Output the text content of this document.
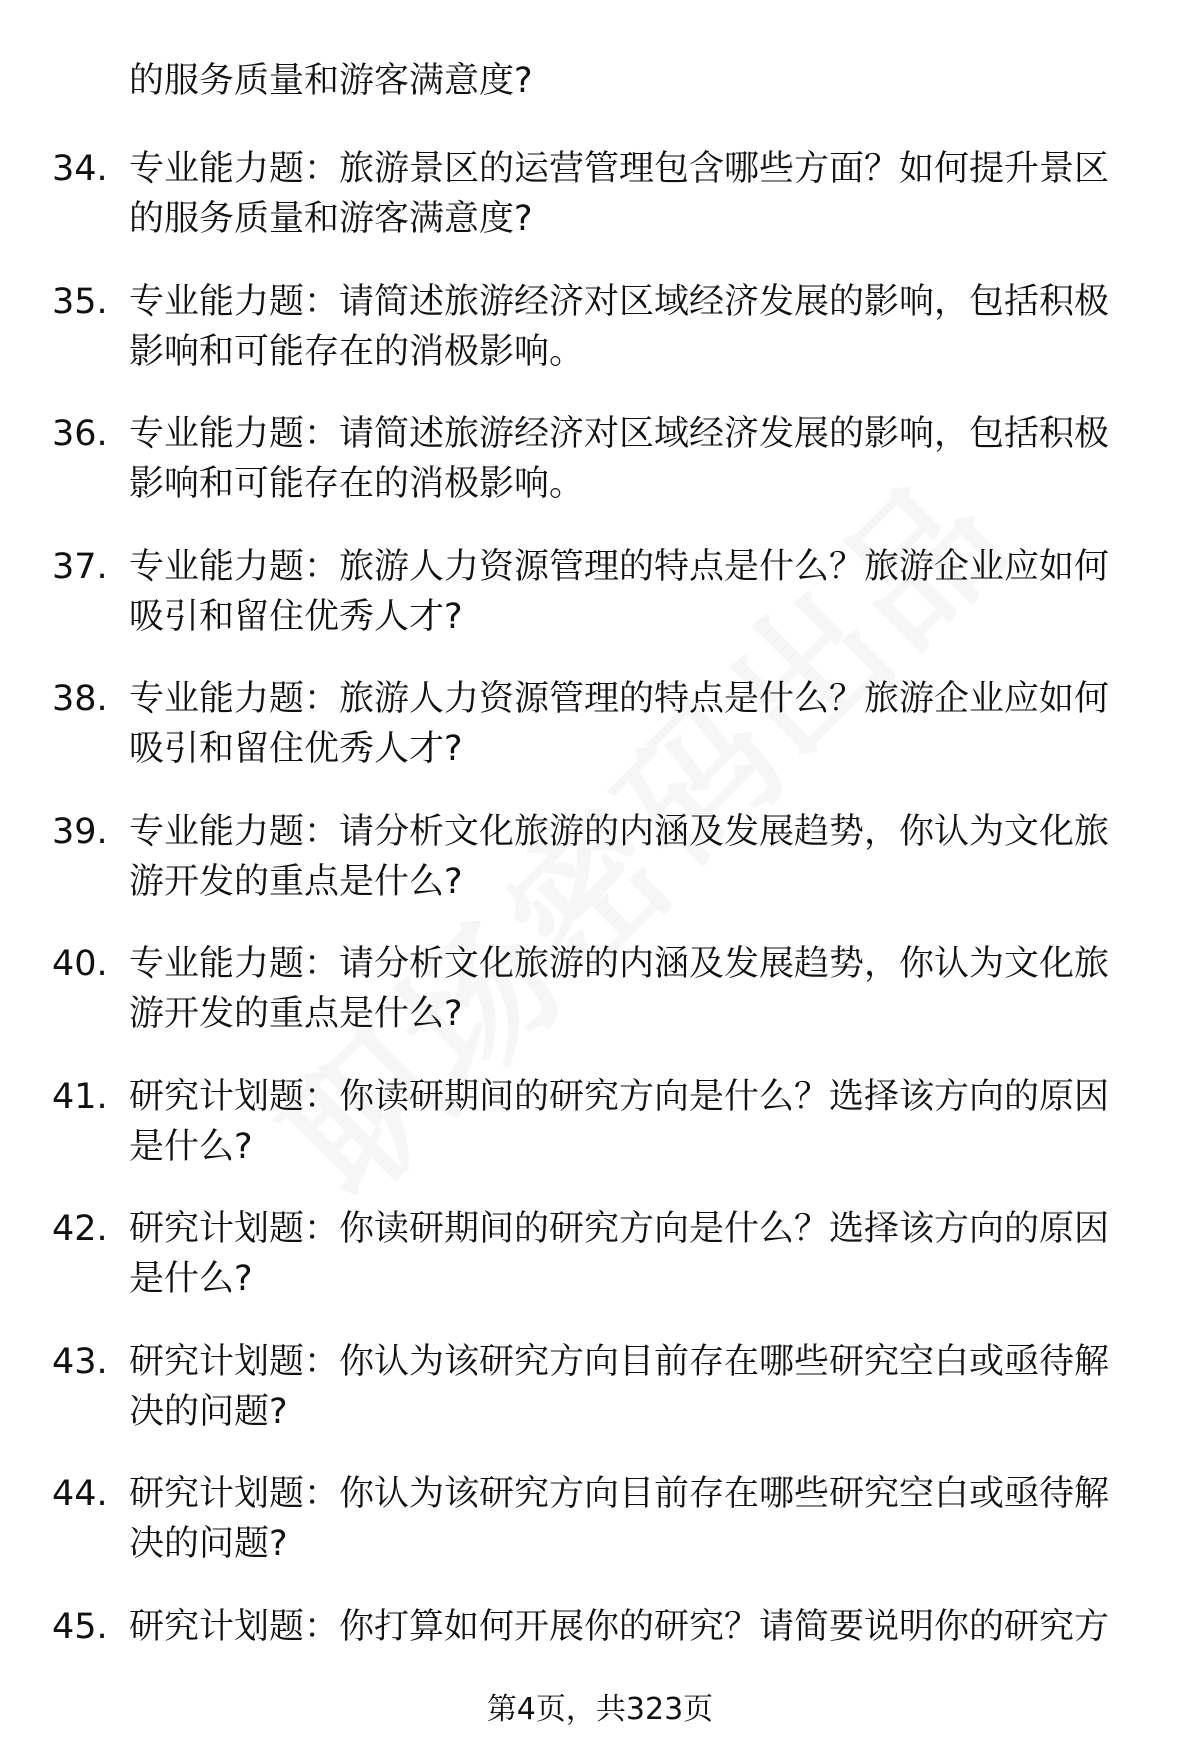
的服务质量和游客满意度?
34. 专业能力题：旅游景区的运营管理包含哪些方面？如何提升景区
的服务质量和游客满意度?
35. 专业能力题：请简述旅游经济对区域经济发展的影响，包括积极
影响和可能存在的消极影响。
36. 专业能力题：请简述旅游经济对区域经济发展的影响，包括积极
影响和可能存在的消极影响。
37. 专业能力题：旅游人力资源管理的特点是什么？旅游企业应如何
吸引和留住优秀人才?
38. 专业能力题：旅游人力资源管理的特点是什么？旅游企业应如何
吸引和留住优秀人才?
39. 专业能力题：请分析文化旅游的内涵及发展趋势，你认为文化旅
游开发的重点是什么?
40. 专业能力题：请分析文化旅游的内涵及发展趋势，你认为文化旅
游开发的重点是什么?
41. 研究计划题：你读研期间的研究方向是什么？选择该方向的原因
是什么?
42. 研究计划题：你读研期间的研究方向是什么？选择该方向的原因
是什么?
43. 研究计划题：你认为该研究方向目前存在哪些研究空白或亟待解
决的问题?
44. 研究计划题：你认为该研究方向目前存在哪些研究空白或亟待解
决的问题?
45. 研究计划题：你打算如何开展你的研究？请简要说明你的研究方
第4页，共323页
